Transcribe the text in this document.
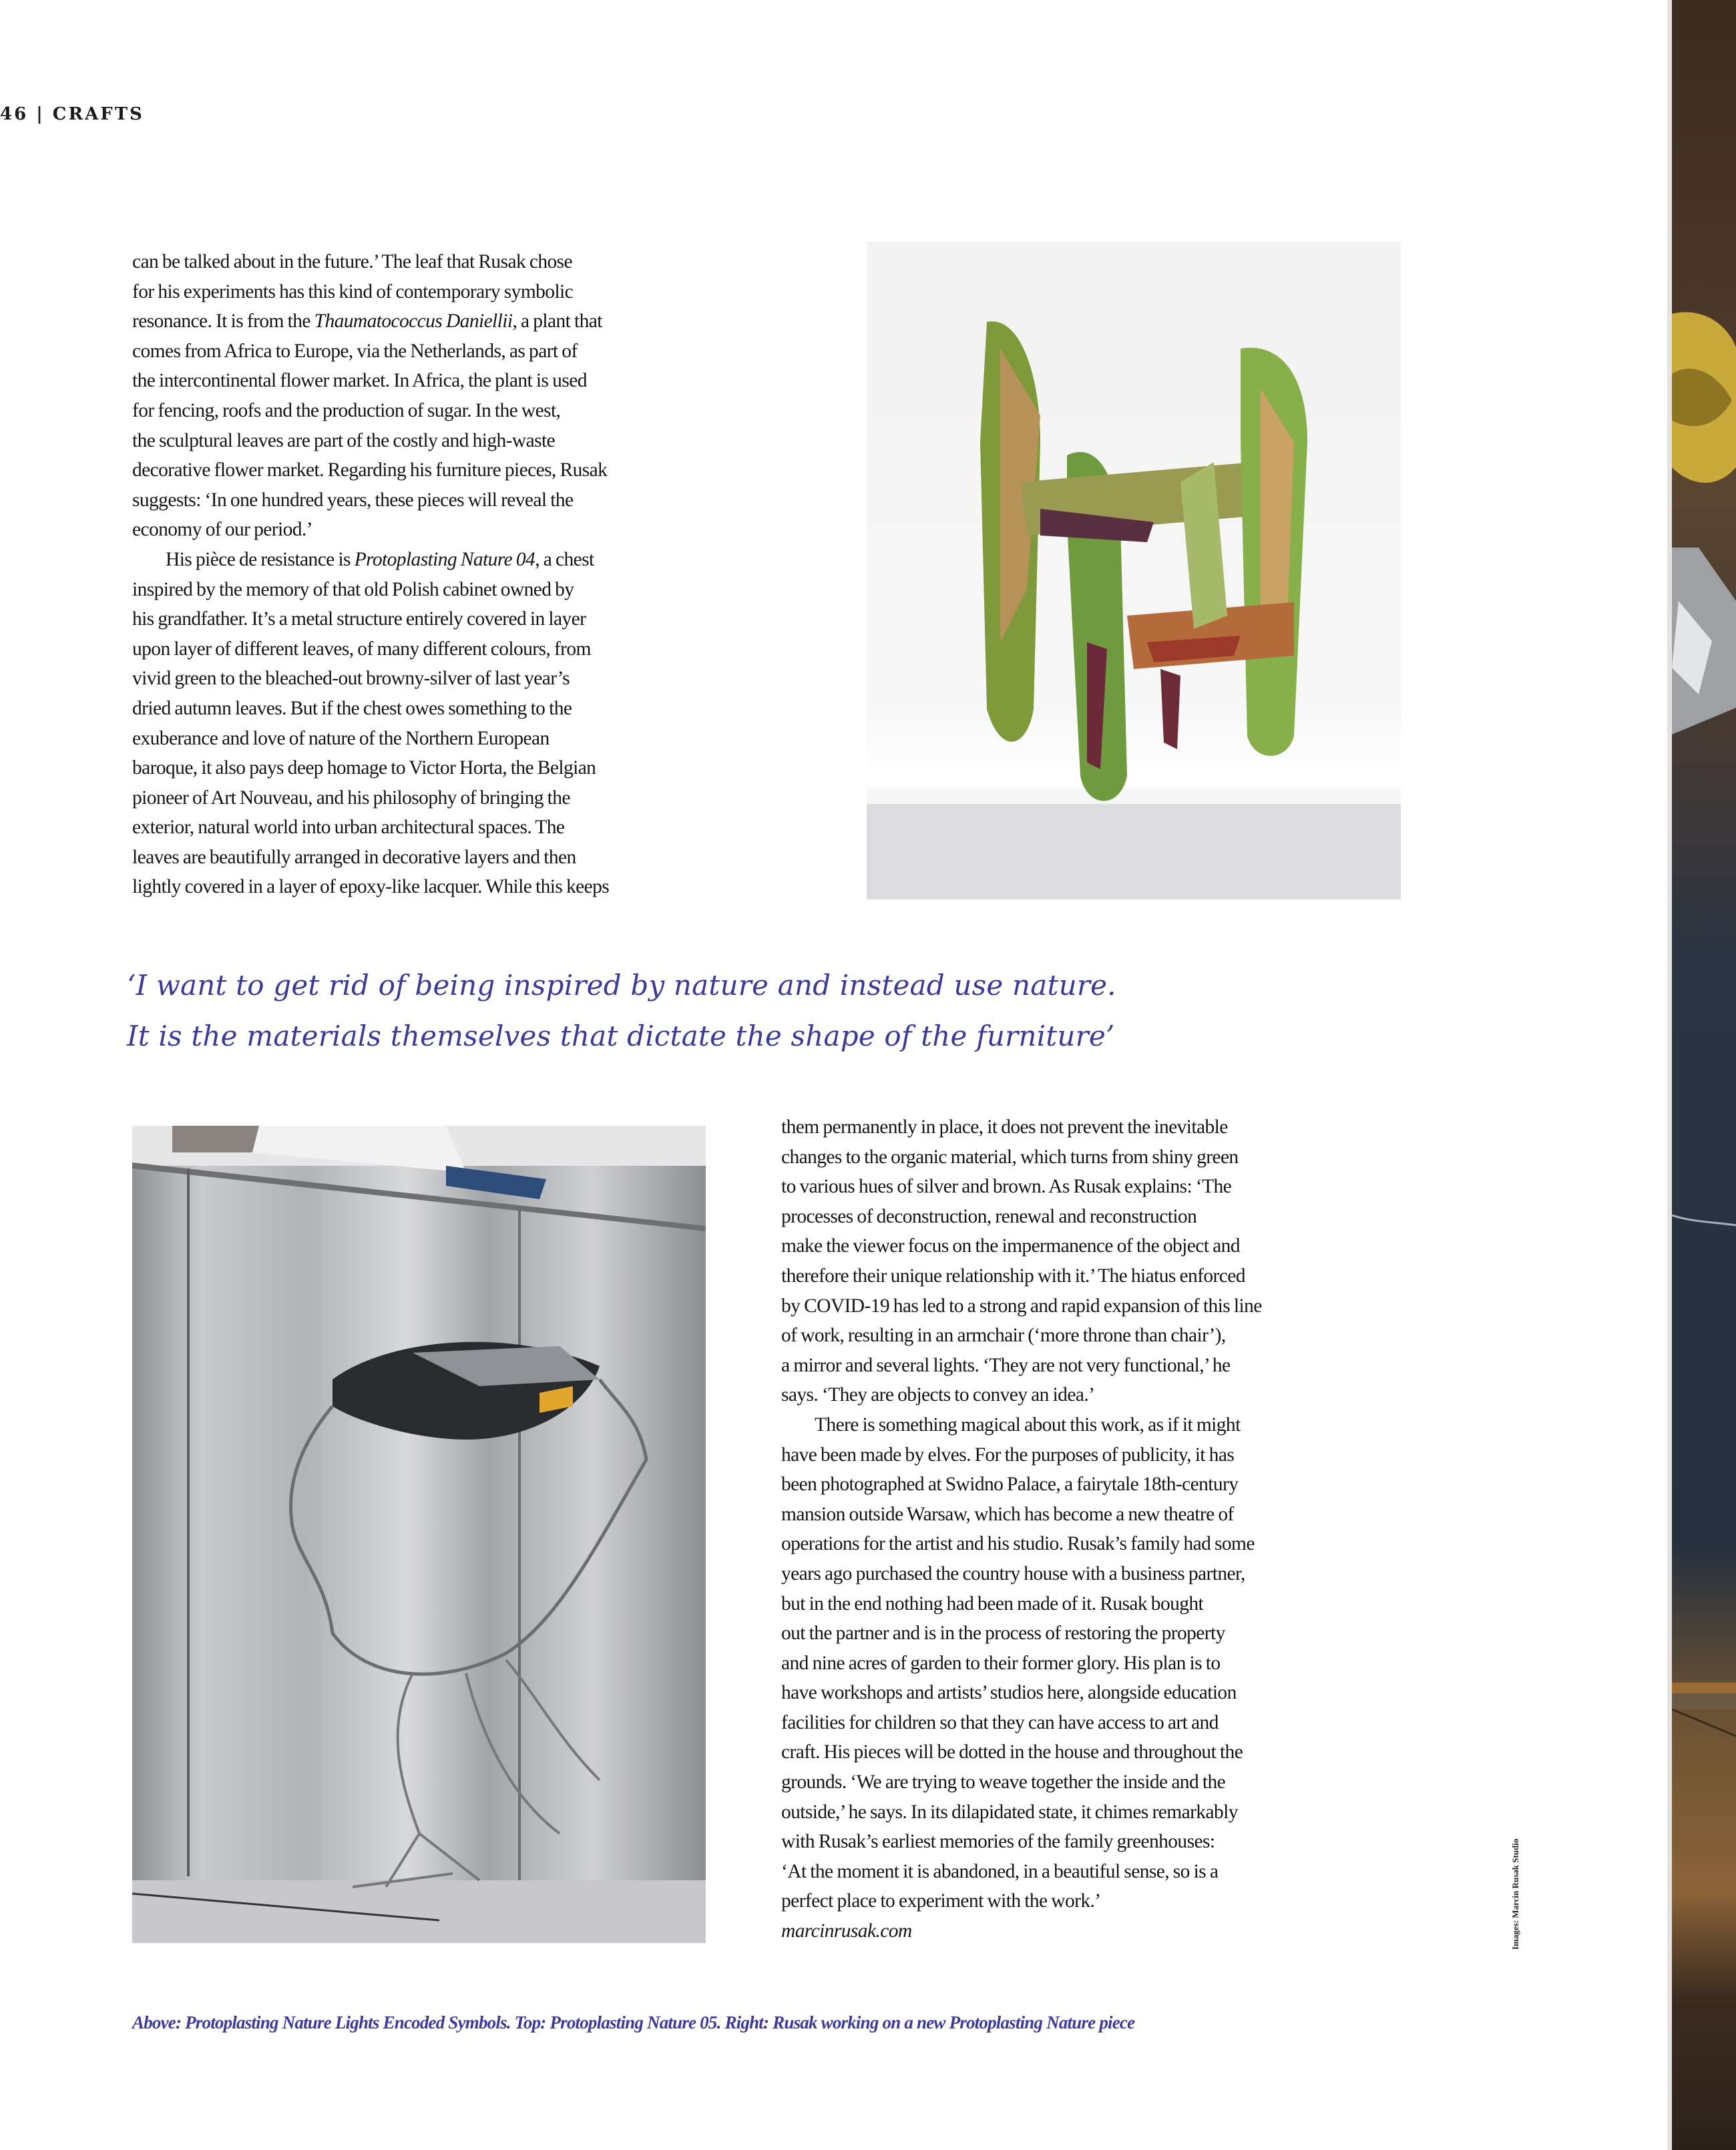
46 | CRAFTS

can be talked about in the future.’ The leaf that Rusak chose

for his experiments has this kind of contemporary symbolic

resonance. It is from the Thaumatococcus Daniellii, a plant that

comes from Africa to Europe, via the Netherlands, as part of

the intercontinental flower market. In Africa, the plant is used

for fencing, roofs and the production of sugar. In the west,

the sculptural leaves are part of the costly and high-waste

decorative flower market. Regarding his furniture pieces, Rusak

suggests: ‘In one hundred years, these pieces will reveal the

economy of our period.’

His pièce de resistance is Protoplasting Nature 04, a chest

inspired by the memory of that old Polish cabinet owned by

his grandfather. It’s a metal structure entirely covered in layer

upon layer of different leaves, of many different colours, from

vivid green to the bleached-out browny-silver of last year’s

dried autumn leaves. But if the chest owes something to the

exuberance and love of nature of the Northern European

baroque, it also pays deep homage to Victor Horta, the Belgian

pioneer of Art Nouveau, and his philosophy of bringing the

exterior, natural world into urban architectural spaces. The

leaves are beautifully arranged in decorative layers and then

lightly covered in a layer of epoxy-like lacquer. While this keeps

‘I want to get rid of being inspired by nature and instead use nature.
It is the materials themselves that dictate the shape of the furniture’

them permanently in place, it does not prevent the inevitable

changes to the organic material, which turns from shiny green

to various hues of silver and brown. As Rusak explains: ‘The

processes of deconstruction, renewal and reconstruction

make the viewer focus on the impermanence of the object and

therefore their unique relationship with it.’ The hiatus enforced

by COVID-19 has led to a strong and rapid expansion of this line

of work, resulting in an armchair (‘more throne than chair’),

a mirror and several lights. ‘They are not very functional,’ he

says. ‘They are objects to convey an idea.’

There is something magical about this work, as if it might

have been made by elves. For the purposes of publicity, it has

been photographed at Swidno Palace, a fairytale 18th-century

mansion outside Warsaw, which has become a new theatre of

operations for the artist and his studio. Rusak’s family had some

years ago purchased the country house with a business partner,

but in the end nothing had been made of it. Rusak bought

out the partner and is in the process of restoring the property

and nine acres of garden to their former glory. His plan is to

have workshops and artists’ studios here, alongside education

facilities for children so that they can have access to art and

craft. His pieces will be dotted in the house and throughout the

grounds. ‘We are trying to weave together the inside and the

outside,’ he says. In its dilapidated state, it chimes remarkably

with Rusak’s earliest memories of the family greenhouses:

‘At the moment it is abandoned, in a beautiful sense, so is a

perfect place to experiment with the work.’

marcinrusak.com	Images: Marcin Rusak Studio
Above: Protoplasting Nature Lights Encoded Symbols. Top: Protoplasting Nature 05. Right: Rusak working on a new Protoplasting Nature piece
